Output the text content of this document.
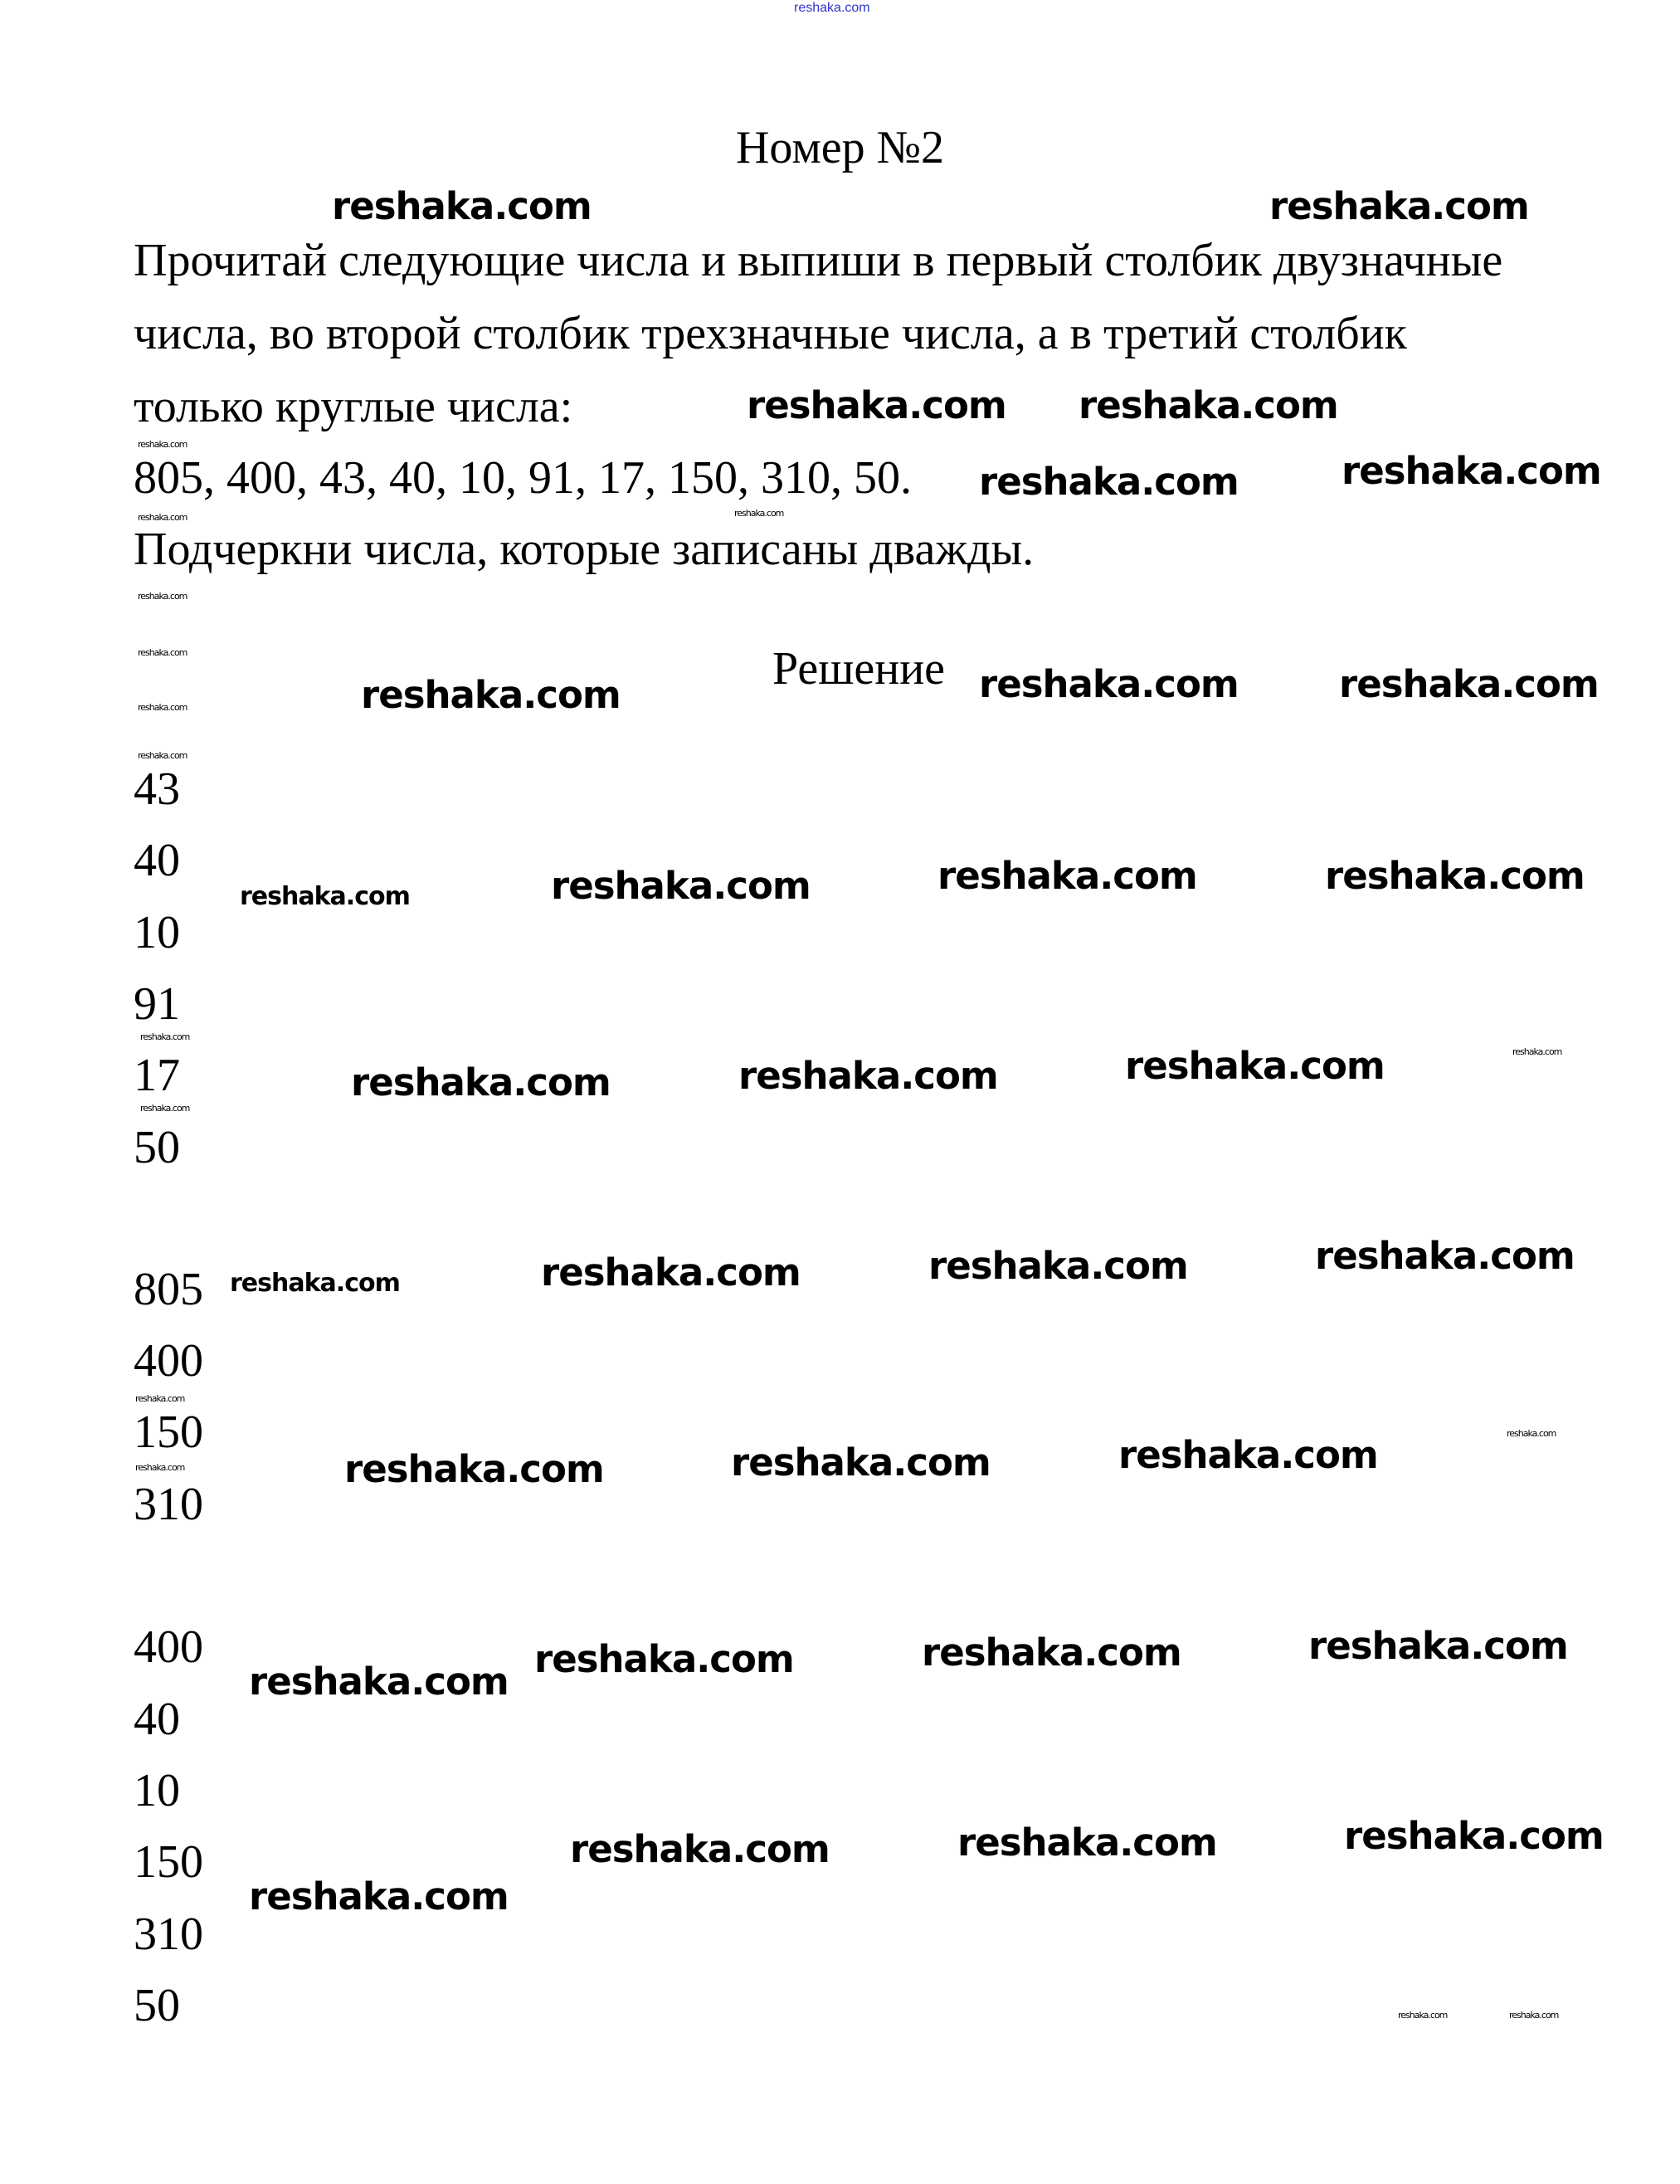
reshaka.com
Номер №2
Прочитай следующие числа и выпиши в первый столбик двузначные
числа, во второй столбик трехзначные числа, а в третий столбик
только круглые числа:
805, 400, 43, 40, 10, 91, 17, 150, 310, 50.
Подчеркни числа, которые записаны дважды.
Решение
43
40
10
91
17
50
805
400
150
310
400
40
10
150
310
50
reshaka.com	reshaka.com
reshaka.com reshaka.com
reshaka.com	reshaka.com
reshaka.com	reshaka.com	reshaka.com
reshaka.com	reshaka.com	reshaka.com
reshaka.com	reshaka.com	reshaka.com
reshaka.com	reshaka.com	reshaka.com
reshaka.com	reshaka.com	reshaka.com
reshaka.com
reshaka.com	reshaka.com	reshaka.com
reshaka.com	reshaka.com	reshaka.com
reshaka.com
reshaka.com
reshaka.com
reshaka.com
reshaka.com	reshaka.com
reshaka.com
reshaka.com
reshaka.com
reshaka.com
reshaka.com
reshaka.com
reshaka.com
reshaka.com
reshaka.com
reshaka.com
reshaka.com	reshaka.com
